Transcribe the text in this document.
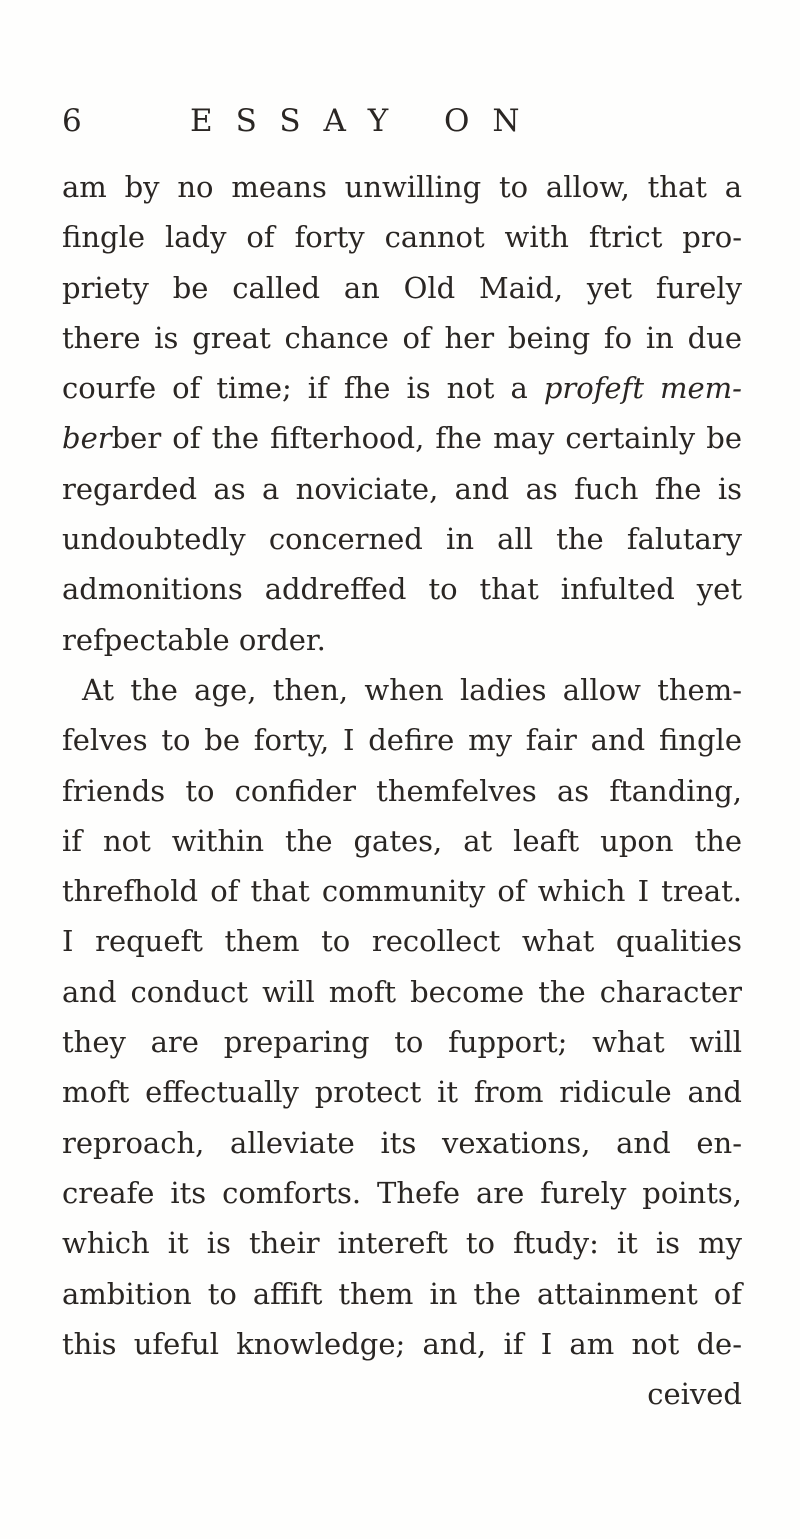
6	ESSAY ON
am by no means unwilling to allow, that a
fingle lady of forty cannot with ftrict pro-
priety be called an Old Maid, yet furely
there is great chance of her being fo in due
courfe of time; if fhe is not a profeft mem-
berber of the fifterhood, fhe may certainly be
regarded as a noviciate, and as fuch fhe is
undoubtedly concerned in all the falutary
admonitions addreffed to that infulted yet
refpectable order.
At the age, then, when ladies allow them-
felves to be forty, I defire my fair and fingle
friends to confider themfelves as ftanding,
if not within the gates, at leaft upon the
threfhold of that community of which I treat.
I requeft them to recollect what qualities
and conduct will moft become the character
they are preparing to fupport; what will
moft effectually protect it from ridicule and
reproach, alleviate its vexations, and en-
creafe its comforts. Thefe are furely points,
which it is their intereft to ftudy: it is my
ambition to affift them in the attainment of
this ufeful knowledge; and, if I am not de-
ceived
